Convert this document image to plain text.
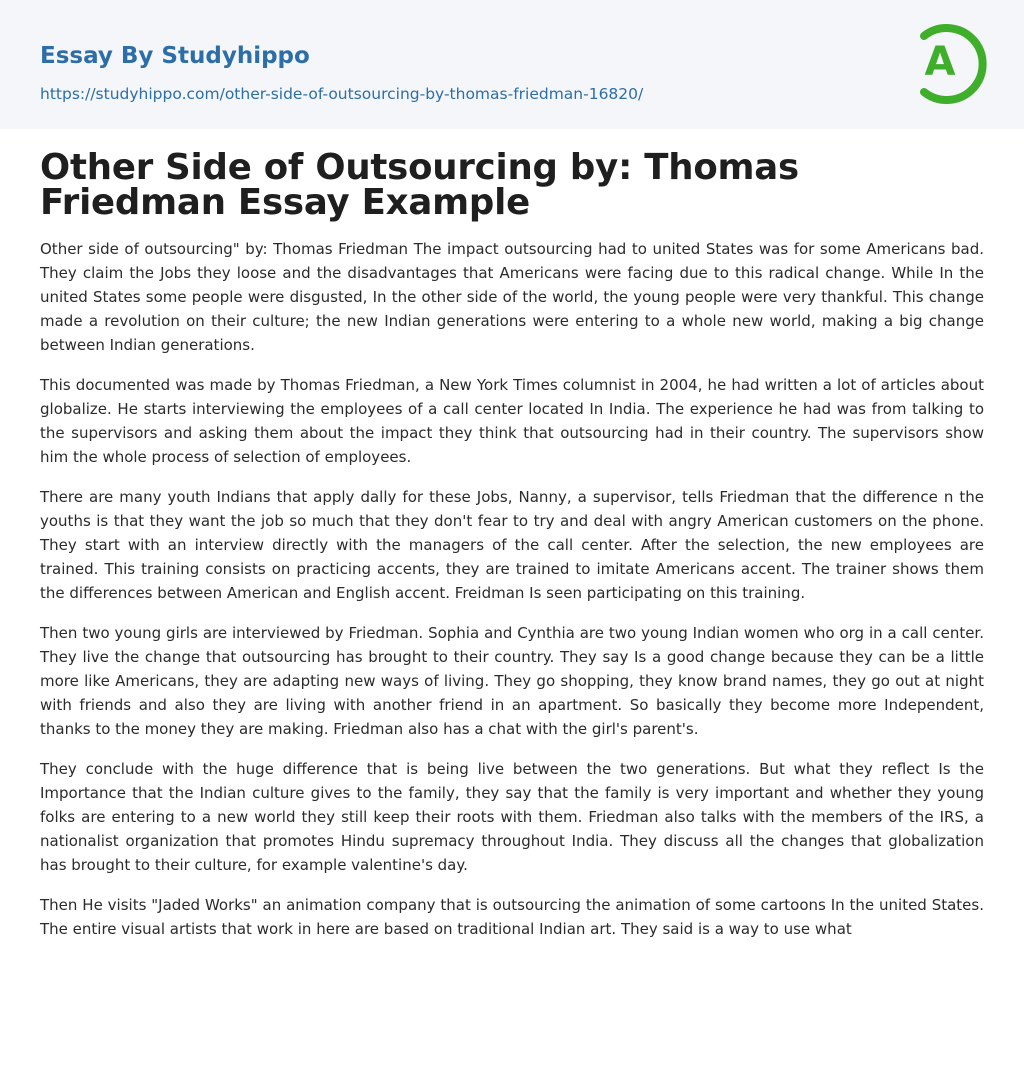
Essay By Studyhippo
https://studyhippo.com/other-side-of-outsourcing-by-thomas-friedman-16820/
A
Other Side of Outsourcing by: Thomas Friedman Essay Example

Other side of outsourcing" by: Thomas Friedman The impact outsourcing had to united States was for some Americans bad. They claim the Jobs they loose and the disadvantages that Americans were facing due to this radical change. While In the united States some people were disgusted, In the other side of the world, the young people were very thankful. This change made a revolution on their culture; the new Indian generations were entering to a whole new world, making a big change between Indian generations.

This documented was made by Thomas Friedman, a New York Times columnist in 2004, he had written a lot of articles about globalize. He starts interviewing the employees of a call center located In India. The experience he had was from talking to the supervisors and asking them about the impact they think that outsourcing had in their country. The supervisors show him the whole process of selection of employees.

There are many youth Indians that apply dally for these Jobs, Nanny, a supervisor, tells Friedman that the difference n the youths is that they want the job so much that they don't fear to try and deal with angry American customers on the phone. They start with an interview directly with the managers of the call center. After the selection, the new employees are trained. This training consists on practicing accents, they are trained to imitate Americans accent. The trainer shows them the differences between American and English accent. Freidman Is seen participating on this training.

Then two young girls are interviewed by Friedman. Sophia and Cynthia are two young Indian women who org in a call center. They live the change that outsourcing has brought to their country. They say Is a good change because they can be a little more like Americans, they are adapting new ways of living. They go shopping, they know brand names, they go out at night with friends and also they are living with another friend in an apartment. So basically they become more Independent, thanks to the money they are making. Friedman also has a chat with the girl's parent's.

They conclude with the huge difference that is being live between the two generations. But what they reflect Is the Importance that the Indian culture gives to the family, they say that the family is very important and whether they young folks are entering to a new world they still keep their roots with them. Friedman also talks with the members of the IRS, a nationalist organization that promotes Hindu supremacy throughout India. They discuss all the changes that globalization has brought to their culture, for example valentine's day.

Then He visits "Jaded Works" an animation company that is outsourcing the animation of some cartoons In the united States. The entire visual artists that work in here are based on traditional Indian art. They said is a way to use what
